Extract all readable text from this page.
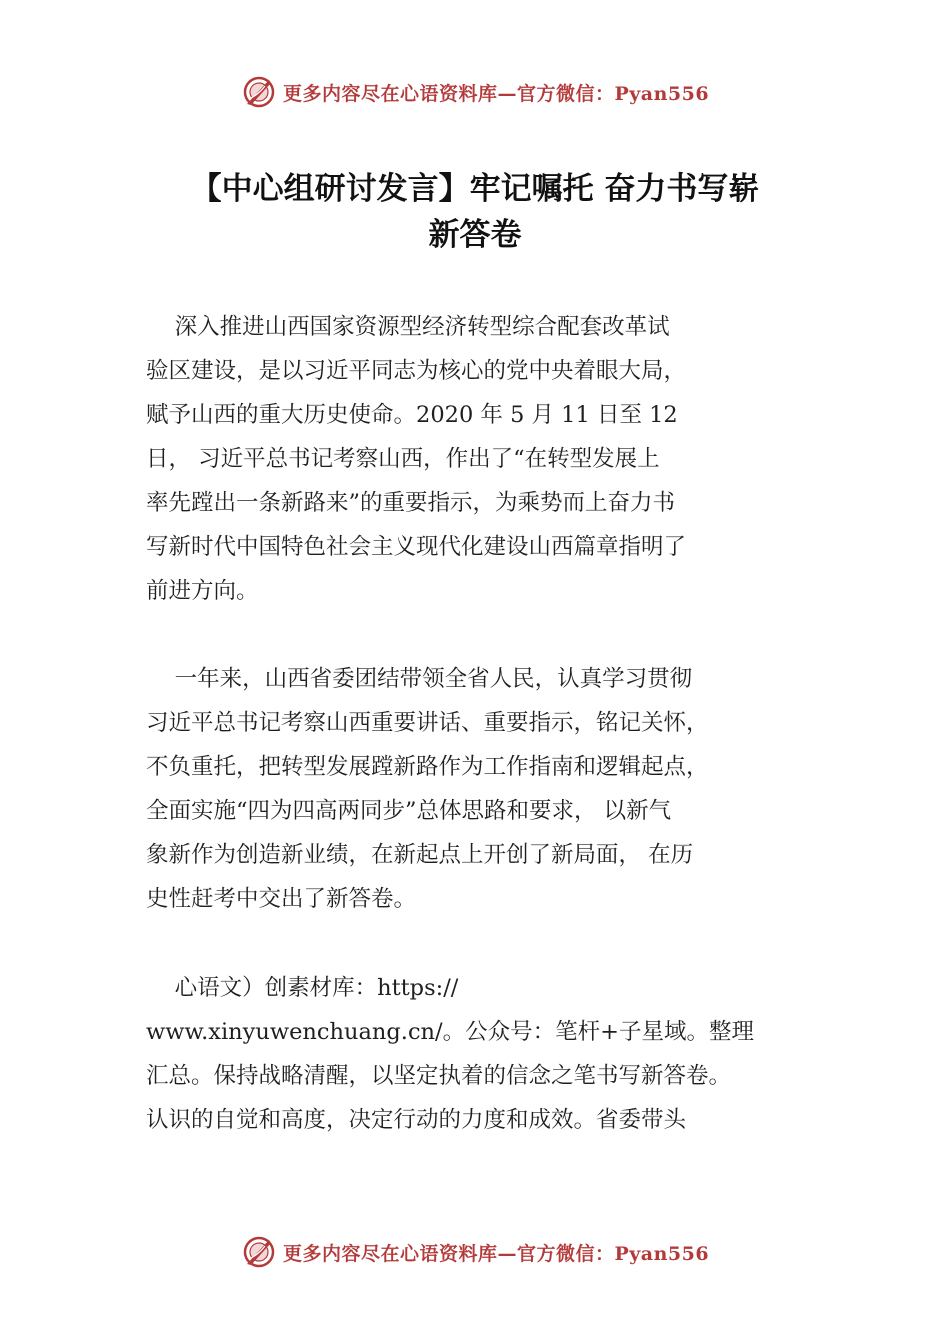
更多内容尽在心语资料库—官方微信：Pyan556
【中心组研讨发言】牢记嘱托 奋力书写崭
新答卷
深入推进山西国家资源型经济转型综合配套改革试
验区建设，是以习近平同志为核心的党中央着眼大局，
赋予山西的重大历史使命。2020 年 5 月 11 日至 12
日， 习近平总书记考察山西，作出了“在转型发展上
率先蹚出一条新路来”的重要指示，为乘势而上奋力书
写新时代中国特色社会主义现代化建设山西篇章指明了
前进方向。
一年来，山西省委团结带领全省人民，认真学习贯彻
习近平总书记考察山西重要讲话、重要指示，铭记关怀，
不负重托，把转型发展蹚新路作为工作指南和逻辑起点，
全面实施“四为四高两同步”总体思路和要求， 以新气
象新作为创造新业绩，在新起点上开创了新局面， 在历
史性赶考中交出了新答卷。
心语文）创素材库：https://
www.xinyuwenchuang.cn/。公众号：笔杆+子星域。整理
汇总。保持战略清醒，以坚定执着的信念之笔书写新答卷。
认识的自觉和高度，决定行动的力度和成效。省委带头
更多内容尽在心语资料库—官方微信：Pyan556
